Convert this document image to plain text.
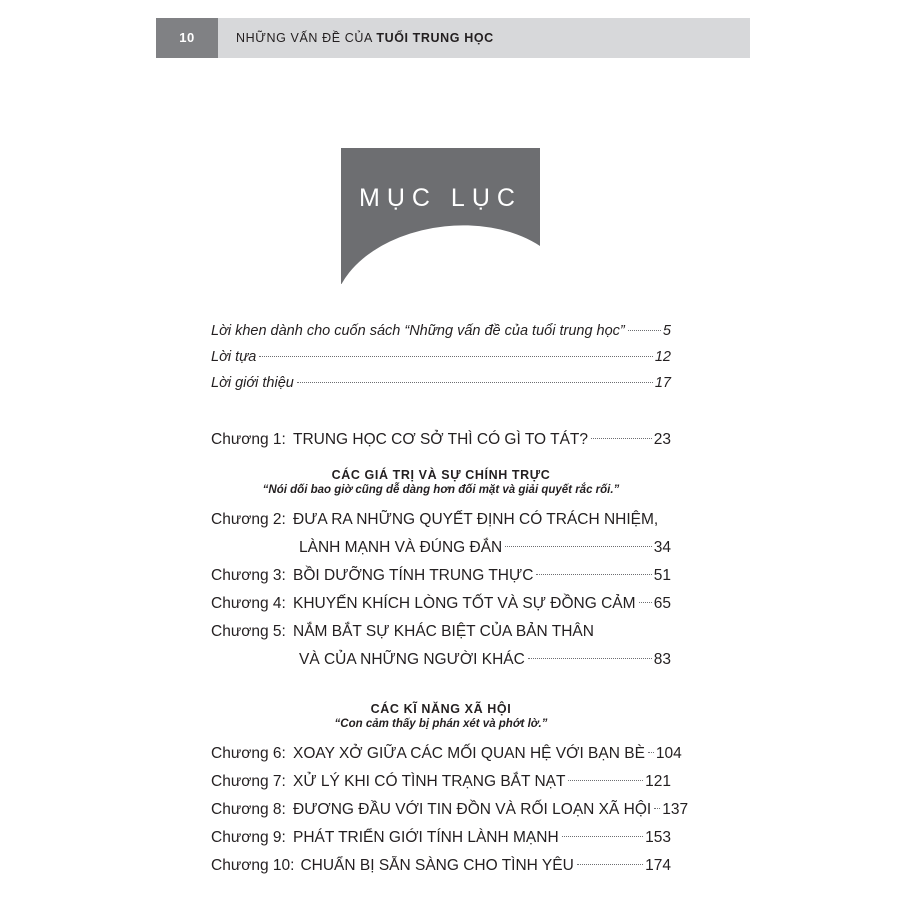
10	NHỮNG VẤN ĐỀ CỦA TUỔI TRUNG HỌC
MỤC LỤC
Lời khen dành cho cuốn sách “Những vấn đề của tuổi trung học”	5
Lời tựa	12
Lời giới thiệu	17
Chương 1: TRUNG HỌC CƠ SỞ THÌ CÓ GÌ TO TÁT?	23
CÁC GIÁ TRỊ VÀ SỰ CHÍNH TRỰC
“Nói dối bao giờ cũng dễ dàng hơn đối mặt và giải quyết rắc rối.”
Chương 2: ĐƯA RA NHỮNG QUYẾT ĐỊNH CÓ TRÁCH NHIỆM,
LÀNH MẠNH VÀ ĐÚNG ĐẮN	34
Chương 3: BỒI DƯỠNG TÍNH TRUNG THỰC	51
Chương 4: KHUYẾN KHÍCH LÒNG TỐT VÀ SỰ ĐỒNG CẢM 65
Chương 5: NẮM BẮT SỰ KHÁC BIỆT CỦA BẢN THÂN
VÀ CỦA NHỮNG NGƯỜI KHÁC	83
CÁC KĨ NĂNG XÃ HỘI
“Con cảm thấy bị phán xét và phớt lờ.”
Chương 6: XOAY XỞ GIỮA CÁC MỐI QUAN HỆ VỚI BẠN BÈ 104
Chương 7: XỬ LÝ KHI CÓ TÌNH TRẠNG BẮT NẠT	121
Chương 8: ĐƯƠNG ĐẦU VỚI TIN ĐỒN VÀ RỐI LOẠN XÃ HỘI 137
Chương 9: PHÁT TRIỂN GIỚI TÍNH LÀNH MẠNH	153
Chương 10: CHUẨN BỊ SẴN SÀNG CHO TÌNH YÊU	174
